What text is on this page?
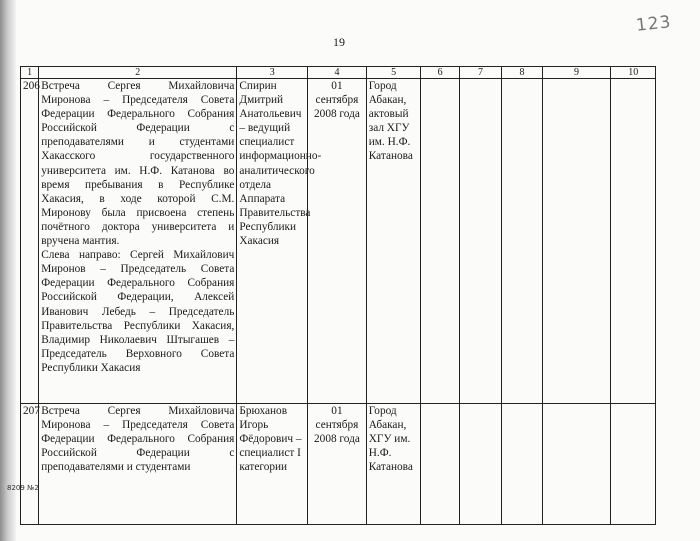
123
19
1	2	3	4	5	6	7	8	9	10
206	Встреча Сергея Михайловича Миронова – Председателя Совета Федерации Федерального Собрания Российской Федерации с преподавателями и студентами Хакасского государственного университета им. Н.Ф. Катанова во время пребывания в Республике Хакасия, в ходе которой С.М. Миронову была присвоена степень почётного доктора университета и вручена мантия.

Слева направо: Сергей Михайлович Миронов – Председатель Совета Федерации Федерального Собрания Российской Федерации, Алексей Иванович Лебедь – Председатель Правительства Республики Хакасия, Владимир Николаевич Штыгашев – Председатель Верховного Совета Республики Хакасия	Спирин Дмитрий Анатольевич – ведущий специалист информационно-аналитического отдела Аппарата Правительства Республики Хакасия	01 сентября 2008 года	Город Абакан, актовый зал ХГУ им. Н.Ф. Катанова					
207	Встреча Сергея Михайловича Миронова – Председателя Совета Федерации Федерального Собрания Российской Федерации с преподавателями и студентами	Брюханов Игорь Фёдорович – специалист I категории	01 сентября 2008 года	Город Абакан, ХГУ им. Н.Ф. Катанова					
8209 №2
